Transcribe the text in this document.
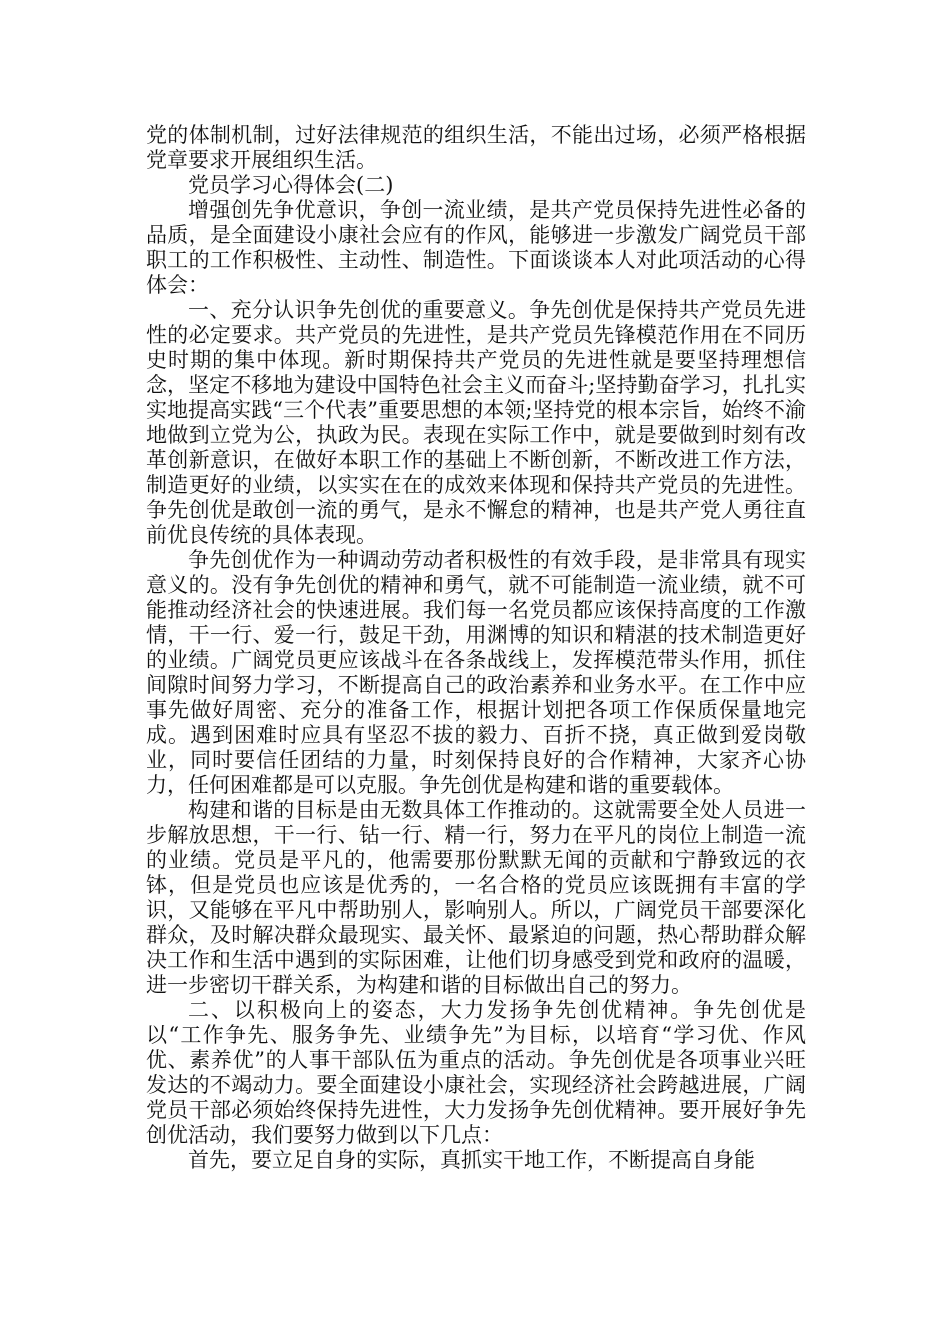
党的体制机制，过好法律规范的组织生活，不能出过场，必须严格根据党章要求开展组织生活。

党员学习心得体会(二)

增强创先争优意识，争创一流业绩，是共产党员保持先进性必备的品质，是全面建设小康社会应有的作风，能够进一步激发广阔党员干部职工的工作积极性、主动性、制造性。下面谈谈本人对此项活动的心得体会：

一、充分认识争先创优的重要意义。争先创优是保持共产党员先进性的必定要求。共产党员的先进性，是共产党员先锋模范作用在不同历史时期的集中体现。新时期保持共产党员的先进性就是要坚持理想信念，坚定不移地为建设中国特色社会主义而奋斗;坚持勤奋学习，扎扎实实地提高实践“三个代表”重要思想的本领;坚持党的根本宗旨，始终不渝地做到立党为公，执政为民。表现在实际工作中，就是要做到时刻有改革创新意识，在做好本职工作的基础上不断创新，不断改进工作方法，制造更好的业绩，以实实在在的成效来体现和保持共产党员的先进性。争先创优是敢创一流的勇气，是永不懈怠的精神，也是共产党人勇往直前优良传统的具体表现。

争先创优作为一种调动劳动者积极性的有效手段，是非常具有现实意义的。没有争先创优的精神和勇气，就不可能制造一流业绩，就不可能推动经济社会的快速进展。我们每一名党员都应该保持高度的工作激情，干一行、爱一行，鼓足干劲，用渊博的知识和精湛的技术制造更好的业绩。广阔党员更应该战斗在各条战线上，发挥模范带头作用，抓住间隙时间努力学习，不断提高自己的政治素养和业务水平。在工作中应事先做好周密、充分的准备工作，根据计划把各项工作保质保量地完成。遇到困难时应具有坚忍不拔的毅力、百折不挠，真正做到爱岗敬业，同时要信任团结的力量，时刻保持良好的合作精神，大家齐心协力，任何困难都是可以克服。争先创优是构建和谐的重要载体。

构建和谐的目标是由无数具体工作推动的。这就需要全处人员进一步解放思想，干一行、钻一行、精一行，努力在平凡的岗位上制造一流的业绩。党员是平凡的，他需要那份默默无闻的贡献和宁静致远的衣钵，但是党员也应该是优秀的，一名合格的党员应该既拥有丰富的学识，又能够在平凡中帮助别人，影响别人。所以，广阔党员干部要深化群众，及时解决群众最现实、最关怀、最紧迫的问题，热心帮助群众解决工作和生活中遇到的实际困难，让他们切身感受到党和政府的温暖，进一步密切干群关系，为构建和谐的目标做出自己的努力。

二、以积极向上的姿态，大力发扬争先创优精神。争先创优是以“工作争先、服务争先、业绩争先”为目标，以培育“学习优、作风优、素养优”的人事干部队伍为重点的活动。争先创优是各项事业兴旺发达的不竭动力。要全面建设小康社会，实现经济社会跨越进展，广阔党员干部必须始终保持先进性，大力发扬争先创优精神。要开展好争先创优活动，我们要努力做到以下几点：

首先，要立足自身的实际，真抓实干地工作，不断提高自身能
